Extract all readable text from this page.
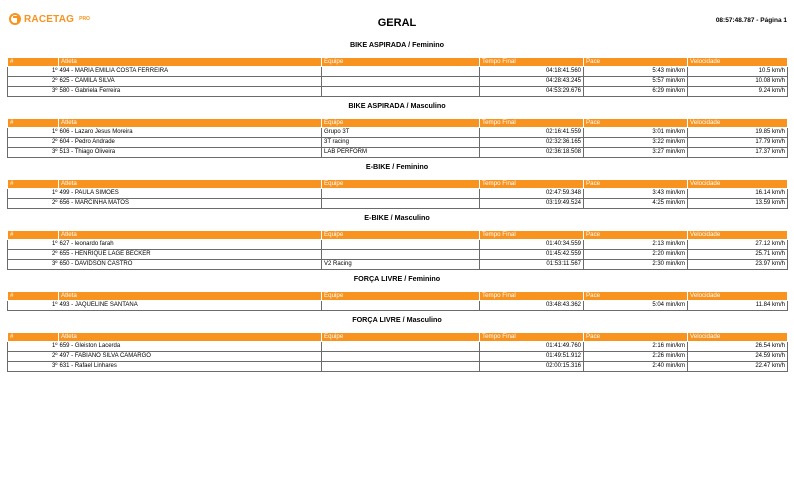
RACETAG PRO	GERAL	08:57:48.787 - Página 1
BIKE ASPIRADA / Feminino
#	Atleta	Equipe	Tempo Final	Pace	Velocidade
1º	494 - MARIA EMILIA COSTA FERREIRA		04:18:41.560	5:43 min/km	10.5 km/h
2º	625 - CAMILA SILVA		04:28:43.245	5:57 min/km	10.08 km/h
3º	580 - Gabriela Ferreira		04:53:29.676	6:29 min/km	9.24 km/h
BIKE ASPIRADA / Masculino
#	Atleta	Equipe	Tempo Final	Pace	Velocidade
1º	606 - Lazaro Jesus Moreira	Grupo 3T	02:16:41.559	3:01 min/km	19.85 km/h
2º	604 - Pedro Andrade	3T racing	02:32:36.165	3:22 min/km	17.79 km/h
3º	513 - Thiago Oliveira	LAB PERFORM	02:36:18.508	3:27 min/km	17.37 km/h
E-BIKE / Feminino
#	Atleta	Equipe	Tempo Final	Pace	Velocidade
1º	499 - PAULA SIMÕES		02:47:59.348	3:43 min/km	16.14 km/h
2º	656 - MARCINHA MATOS		03:19:49.524	4:25 min/km	13.59 km/h
E-BIKE / Masculino
#	Atleta	Equipe	Tempo Final	Pace	Velocidade
1º	627 - leonardo farah		01:40:34.559	2:13 min/km	27.12 km/h
2º	655 - HENRIQUE LAGE BECKER		01:45:42.559	2:20 min/km	25.71 km/h
3º	650 - DAVIDSON CASTRO	V2 Racing	01:53:11.567	2:30 min/km	23.97 km/h
FORÇA LIVRE / Feminino
#	Atleta	Equipe	Tempo Final	Pace	Velocidade
1º	493 - JAQUELINE SANTANA		03:48:43.362	5:04 min/km	11.84 km/h
FORÇA LIVRE / Masculino
#	Atleta	Equipe	Tempo Final	Pace	Velocidade
1º	659 - Gleiston Lacerda		01:41:49.760	2:16 min/km	26.54 km/h
2º	497 - FABIANO SILVA CAMARGO		01:49:51.912	2:26 min/km	24.59 km/h
3º	631 - Rafael Linhares		02:00:15.316	2:40 min/km	22.47 km/h
